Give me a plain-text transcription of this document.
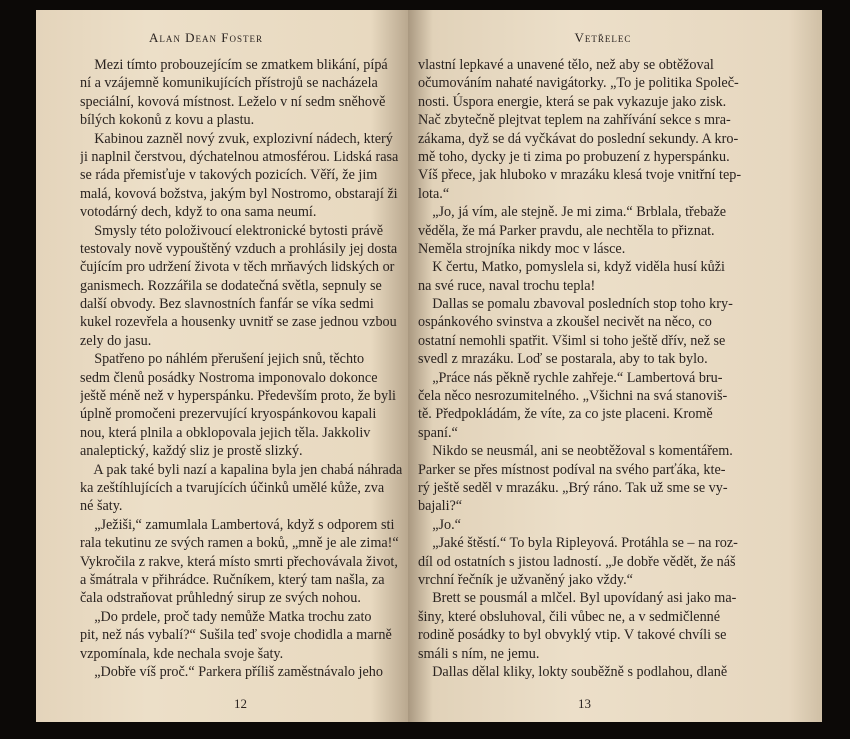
Alan Dean Foster
Mezi tímto probouzejícím se zmatkem blikání, pípá
ní a vzájemně komunikujících přístrojů se nacházela
speciální, kovová místnost. Leželo v ní sedm sněhově
bílých kokonů z kovu a plastu.
Kabinou zazněl nový zvuk, explozivní nádech, který
ji naplnil čerstvou, dýchatelnou atmosférou. Lidská rasa
se ráda přemisťuje v takových pozicích. Věří, že jim
malá, kovová božstva, jakým byl Nostromo, obstarají ži
votodárný dech, když to ona sama neumí.
Smysly této položivoucí elektronické bytosti právě
testovaly nově vypouštěný vzduch a prohlásily jej dosta
čujícím pro udržení života v těch mrňavých lidských or
ganismech. Rozzářila se dodatečná světla, sepnuly se
další obvody. Bez slavnostních fanfár se víka sedmi
kukel rozevřela a housenky uvnitř se zase jednou vzbou
zely do jasu.
Spatřeno po náhlém přerušení jejich snů, těchto
sedm členů posádky Nostroma imponovalo dokonce
ještě méně než v hyperspánku. Především proto, že byli
úplně promočeni prezervující kryospánkovou kapali
nou, která plnila a obklopovala jejich těla. Jakkoliv
analeptický, každý sliz je prostě slizký.
A pak také byli nazí a kapalina byla jen chabá náhrada
ka zeštíhlujících a tvarujících účinků umělé kůže, zva
né šaty.
„Ježiši,“ zamumlala Lambertová, když s odporem sti
rala tekutinu ze svých ramen a boků, „mně je ale zima!“
Vykročila z rakve, která místo smrti přechovávala život,
a šmátrala v přihrádce. Ručníkem, který tam našla, za
čala odstraňovat průhledný sirup ze svých nohou.
„Do prdele, proč tady nemůže Matka trochu zato
pit, než nás vybalí?“ Sušila teď svoje chodidla a marně
vzpomínala, kde nechala svoje šaty.
„Dobře víš proč.“ Parkera příliš zaměstnávalo jeho
12
Vetřelec
vlastní lepkavé a unavené tělo, než aby se obtěžoval
očumováním nahaté navigátorky. „To je politika Společ-
nosti. Úspora energie, která se pak vykazuje jako zisk.
Nač zbytečně plejtvat teplem na zahřívání sekce s mra-
zákama, dyž se dá vyčkávat do poslední sekundy. A kro-
mě toho, dycky je ti zima po probuzení z hyperspánku.
Víš přece, jak hluboko v mrazáku klesá tvoje vnitřní tep-
lota.“
„Jo, já vím, ale stejně. Je mi zima.“ Brblala, třebaže
věděla, že má Parker pravdu, ale nechtěla to přiznat.
Neměla strojníka nikdy moc v lásce.
K čertu, Matko, pomyslela si, když viděla husí kůži
na své ruce, naval trochu tepla!
Dallas se pomalu zbavoval posledních stop toho kry-
ospánkového svinstva a zkoušel necivět na něco, co
ostatní nemohli spatřit. Všiml si toho ještě dřív, než se
svedl z mrazáku. Loď se postarala, aby to tak bylo.
„Práce nás pěkně rychle zahřeje.“ Lambertová bru-
čela něco nesrozumitelného. „Všichni na svá stanoviš-
tě. Předpokládám, že víte, za co jste placeni. Kromě
spaní.“
Nikdo se neusmál, ani se neobtěžoval s komentářem.
Parker se přes místnost podíval na svého parťáka, kte-
rý ještě seděl v mrazáku. „Brý ráno. Tak už sme se vy-
bajali?“
„Jo.“
„Jaké štěstí.“ To byla Ripleyová. Protáhla se – na roz-
díl od ostatních s jistou ladností. „Je dobře vědět, že náš
vrchní řečník je užvaněný jako vždy.“
Brett se pousmál a mlčel. Byl upovídaný asi jako ma-
šiny, které obsluhoval, čili vůbec ne, a v sedmičlenné
rodině posádky to byl obvyklý vtip. V takové chvíli se
smáli s ním, ne jemu.
Dallas dělal kliky, lokty souběžně s podlahou, dlaně
13
